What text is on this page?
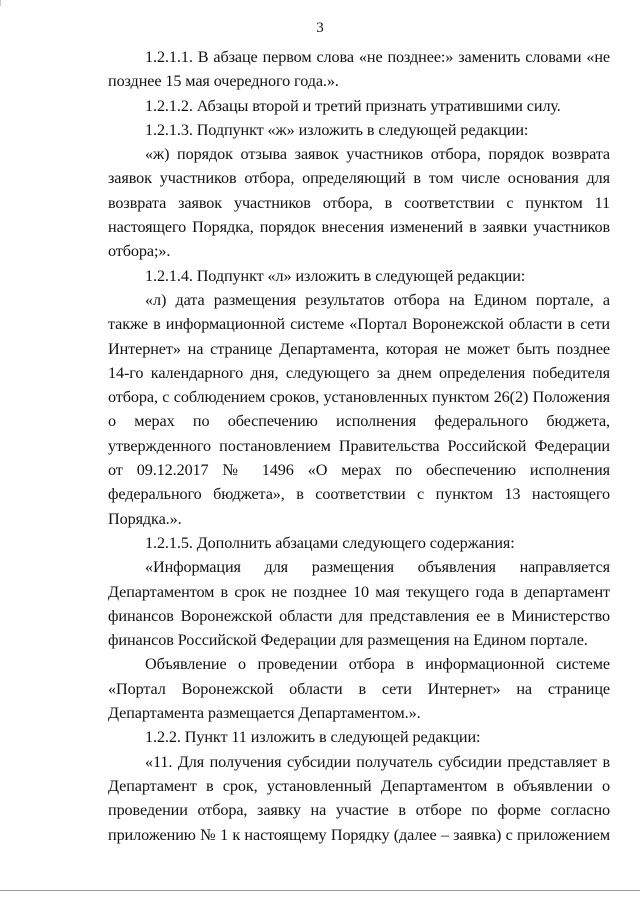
3

1.2.1.1. В абзаце первом слова «не позднее:» заменить словами «не позднее 15 мая очередного года.».

1.2.1.2. Абзацы второй и третий признать утратившими силу.

1.2.1.3. Подпункт «ж» изложить в следующей редакции:

«ж) порядок отзыва заявок участников отбора, порядок возврата заявок участников отбора, определяющий в том числе основания для возврата заявок участников отбора, в соответствии с пунктом 11 настоящего Порядка, порядок внесения изменений в заявки участников отбора;».

1.2.1.4. Подпункт «л» изложить в следующей редакции:

«л) дата размещения результатов отбора на Едином портале, а также в информационной системе «Портал Воронежской области в сети Интернет» на странице Департамента, которая не может быть позднее 14-го календарного дня, следующего за днем определения победителя отбора, с соблюдением сроков, установленных пунктом 26(2) Положения о мерах по обеспечению исполнения федерального бюджета, утвержденного постановлением Правительства Российской Федерации от 09.12.2017 № 1496 «О мерах по обеспечению исполнения федерального бюджета», в соответствии с пунктом 13 настоящего Порядка.».

1.2.1.5. Дополнить абзацами следующего содержания:

«Информация для размещения объявления направляется Департаментом в срок не позднее 10 мая текущего года в департамент финансов Воронежской области для представления ее в Министерство финансов Российской Федерации для размещения на Едином портале.

Объявление о проведении отбора в информационной системе «Портал Воронежской области в сети Интернет» на странице Департамента размещается Департаментом.».

1.2.2. Пункт 11 изложить в следующей редакции:

«11. Для получения субсидии получатель субсидии представляет в Департамент в срок, установленный Департаментом в объявлении о проведении отбора, заявку на участие в отборе по форме согласно приложению № 1 к настоящему Порядку (далее – заявка) с приложением
